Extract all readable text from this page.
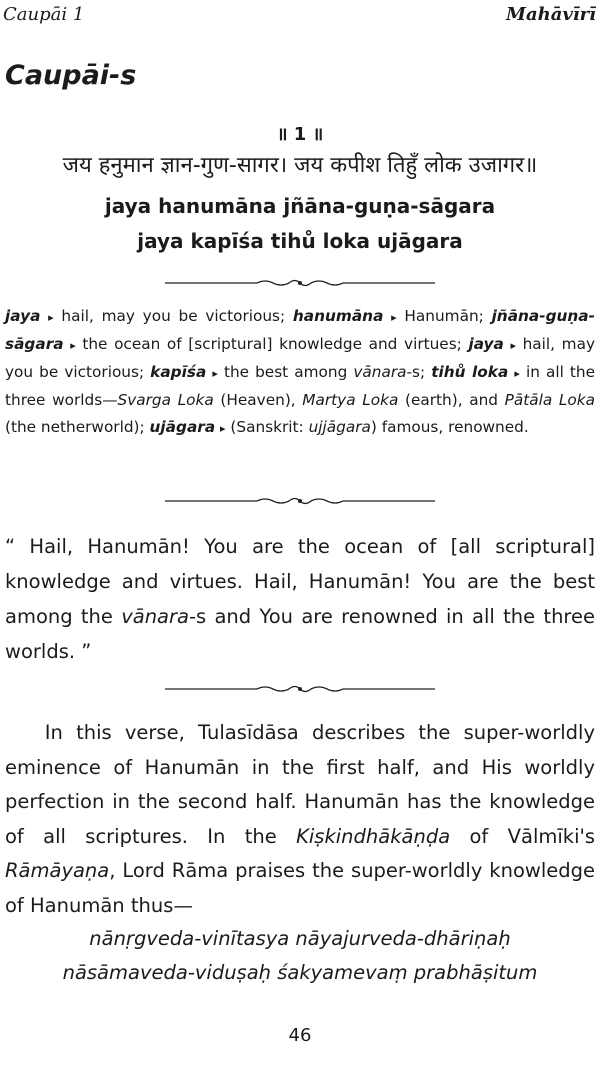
Caupāi 1	Mahāvīrī
Caupāi-s
॥ 1 ॥
जय हनुमान ज्ञान-गुण-सागर। जय कपीश तिहुँ लोक उजागर॥
jaya hanumāna jñāna-guṇa-sāgara
jaya kapīśa tihů loka ujāgara
jaya ▸ hail, may you be victorious; hanumāna ▸ Hanumān; jñāna-guṇa-sāgara ▸ the ocean of [scriptural] knowledge and virtues; jaya ▸ hail, may you be victorious; kapīśa ▸ the best among vānara-s; tihů loka ▸ in all the three worlds—Svarga Loka (Heaven), Martya Loka (earth), and Pātāla Loka (the netherworld); ujāgara ▸ (Sanskrit: ujjāgara) famous, renowned.
“ Hail, Hanumān! You are the ocean of [all scriptural] knowledge and virtues. Hail, Hanumān! You are the best among the vānara-s and You are renowned in all the three worlds. ”
In this verse, Tulasīdāsa describes the super-worldly eminence of Hanumān in the first half, and His worldly perfection in the second half. Hanumān has the knowledge of all scriptures. In the Kiṣkindhākāṇḍa of Vālmīki's Rāmāyaṇa, Lord Rāma praises the super-worldly knowledge of Hanumān thus—
nānṛgveda-vinītasya nāyajurveda-dhāriṇaḥ
nāsāmaveda-viduṣaḥ śakyamevaṃ prabhāṣitum
46
